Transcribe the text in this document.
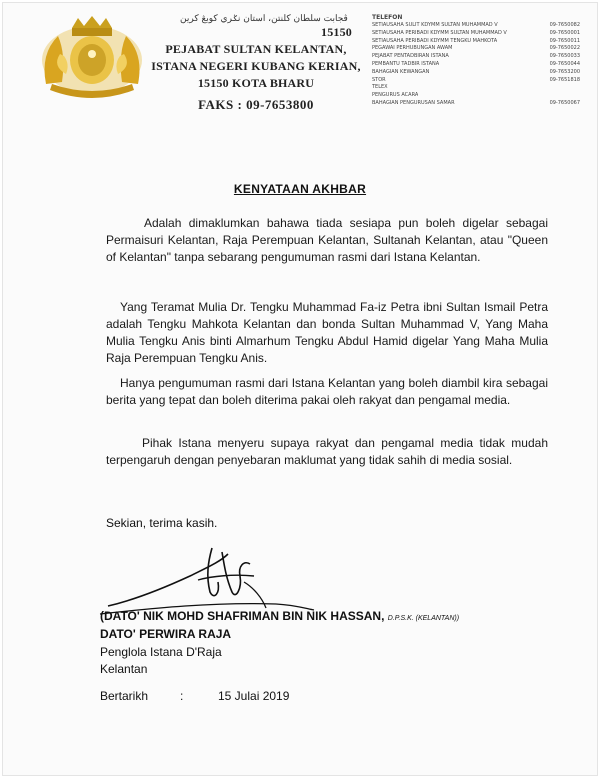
ڤجابت سلطان كلنتن، استان نݢري كوبڠ كرين
15150
PEJABAT SULTAN KELANTAN,
ISTANA NEGERI KUBANG KERIAN,
15150 KOTA BHARU
FAKS : 09-7653800
TELEFON
SETIAUSAHA SULIT KDYMM SULTAN MUHAMMAD V	09-7650082
SETIAUSAHA PERIBADI KDYMM SULTAN MUHAMMAD V	09-7650001
SETIAUSAHA PERIBADI KDYMM TENGKU MAHKOTA	09-7650011
PEGAWAI PERHUBUNGAN AWAM	09-7650022
PEJABAT PENTADBIRAN ISTANA	09-7650033
PEMBANTU TADBIR ISTANA	09-7650044
BAHAGIAN KEWANGAN	09-7653200
STOR	09-7651818
TELEX
PENGURUS ACARA
BAHAGIAN PENGURUSAN SAMAR	09-7650067
KENYATAAN AKHBAR

Adalah dimaklumkan bahawa tiada sesiapa pun boleh digelar sebagai Permaisuri Kelantan, Raja Perempuan Kelantan, Sultanah Kelantan, atau "Queen of Kelantan" tanpa sebarang pengumuman rasmi dari Istana Kelantan.

Yang Teramat Mulia Dr. Tengku Muhammad Fa-iz Petra ibni Sultan Ismail Petra adalah Tengku Mahkota Kelantan dan bonda Sultan Muhammad V, Yang Maha Mulia Tengku Anis binti Almarhum Tengku Abdul Hamid digelar Yang Maha Mulia Raja Perempuan Tengku Anis.

Hanya pengumuman rasmi dari Istana Kelantan yang boleh diambil kira sebagai berita yang tepat dan boleh diterima pakai oleh rakyat dan pengamal media.

Pihak Istana menyeru supaya rakyat dan pengamal media tidak mudah terpengaruh dengan penyebaran maklumat yang tidak sahih di media sosial.

Sekian, terima kasih.
(DATO' NIK MOHD SHAFRIMAN BIN NIK HASSAN, D.P.S.K. (KELANTAN))
DATO' PERWIRA RAJA
Penglola Istana D'Raja
Kelantan
Bertarikh	:	15 Julai 2019
